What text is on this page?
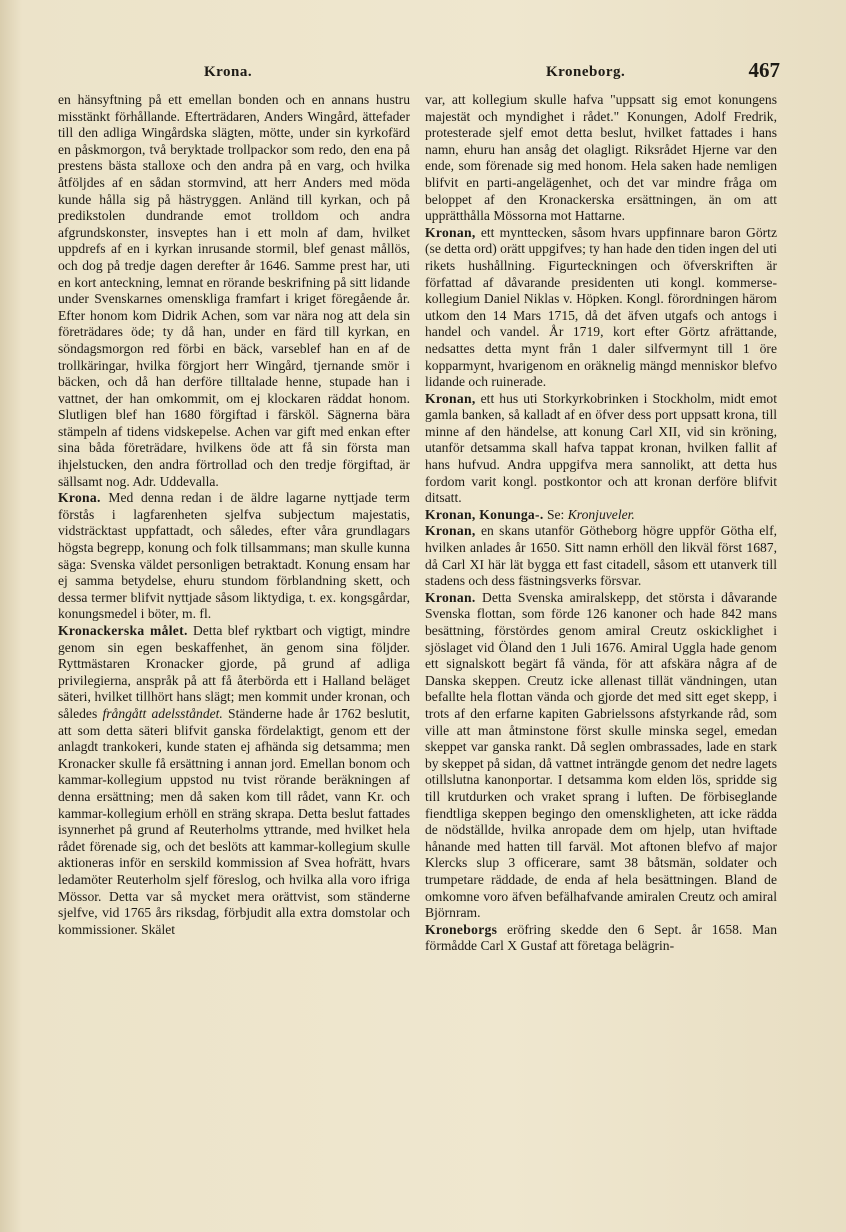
Krona.	Kroneborg.	467

en hänsyftning på ett emellan bonden och en annans hustru misstänkt förhållande. Efterträdaren, Anders Wingård, ättefader till den adliga Wingårdska slägten, mötte, under sin kyrkofärd en påskmorgon, två beryktade trollpackor som redo, den ena på prestens bästa stalloxe och den andra på en varg, och hvilka åtföljdes af en sådan stormvind, att herr Anders med möda kunde hålla sig på hästryggen. Anländ till kyrkan, och på predikstolen dundrande emot trolldom och andra afgrundskonster, insveptes han i ett moln af dam, hvilket uppdrefs af en i kyrkan inrusande stormil, blef genast mållös, och dog på tredje dagen derefter år 1646. Samme prest har, uti en kort anteckning, lemnat en rörande beskrifning på sitt lidande under Svenskarnes omenskliga framfart i kriget föregående år. Efter honom kom Didrik Achen, som var nära nog att dela sin företrädares öde; ty då han, under en färd till kyrkan, en söndagsmorgon red förbi en bäck, varseblef han en af de trollkäringar, hvilka förgjort herr Wingård, tjernande smör i bäcken, och då han derföre tilltalade henne, stupade han i vattnet, der han omkommit, om ej klockaren räddat honom. Slutligen blef han 1680 förgiftad i färsköl. Sägnerna bära stämpeln af tidens vidskepelse. Achen var gift med enkan efter sina båda företrädare, hvilkens öde att få sin första man ihjelstucken, den andra förtrollad och den tredje förgiftad, är sällsamt nog. Adr. Uddevalla.

Krona. Med denna redan i de äldre lagarne nyttjade term förstås i lagfarenheten sjelfva subjectum majestatis, vidsträcktast uppfattadt, och således, efter våra grundlagars högsta begrepp, konung och folk tillsammans; man skulle kunna säga: Svenska väldet personligen betraktadt. Konung ensam har ej samma betydelse, ehuru stundom förblandning skett, och dessa termer blifvit nyttjade såsom liktydiga, t. ex. kongsgårdar, konungsmedel i böter, m. fl.

Kronackerska målet. Detta blef ryktbart och vigtigt, mindre genom sin egen beskaffenhet, än genom sina följder. Ryttmästaren Kronacker gjorde, på grund af adliga privilegierna, anspråk på att få återbörda ett i Halland beläget säteri, hvilket tillhört hans slägt; men kommit under kronan, och således frångått adelsståndet. Ständerne hade år 1762 beslutit, att som detta säteri blifvit ganska fördelaktigt, genom ett der anlagdt trankokeri, kunde staten ej afhända sig detsamma; men Kronacker skulle få ersättning i annan jord. Emellan bonom och kammar-kollegium uppstod nu tvist rörande beräkningen af denna ersättning; men då saken kom till rådet, vann Kr. och kammar-kollegium erhöll en sträng skrapa. Detta beslut fattades isynnerhet på grund af Reuterholms yttrande, med hvilket hela rådet förenade sig, och det beslöts att kammar-kollegium skulle aktioneras inför en serskild kommission af Svea hofrätt, hvars ledamöter Reuterholm sjelf föreslog, och hvilka alla voro ifriga Mössor. Detta var så mycket mera orättvist, som ständerne sjelfve, vid 1765 års riksdag, förbjudit alla extra domstolar och kommissioner. Skälet

var, att kollegium skulle hafva "uppsatt sig emot konungens majestät och myndighet i rådet." Konungen, Adolf Fredrik, protesterade sjelf emot detta beslut, hvilket fattades i hans namn, ehuru han ansåg det olagligt. Riksrådet Hjerne var den ende, som förenade sig med honom. Hela saken hade nemligen blifvit en parti-angelägenhet, och det var mindre fråga om beloppet af den Kronackerska ersättningen, än om att upprätthålla Mössorna mot Hattarne.

Kronan, ett mynttecken, såsom hvars uppfinnare baron Görtz (se detta ord) orätt uppgifves; ty han hade den tiden ingen del uti rikets hushållning. Figurteckningen och öfverskriften är författad af dåvarande presidenten uti kongl. kommerse-kollegium Daniel Niklas v. Höpken. Kongl. förordningen härom utkom den 14 Mars 1715, då det äfven utgafs och antogs i handel och vandel. År 1719, kort efter Görtz afrättande, nedsattes detta mynt från 1 daler silfvermynt till 1 öre kopparmynt, hvarigenom en oräknelig mängd menniskor blefvo lidande och ruinerade.

Kronan, ett hus uti Storkyrkobrinken i Stockholm, midt emot gamla banken, så kalladt af en öfver dess port uppsatt krona, till minne af den händelse, att konung Carl XII, vid sin kröning, utanför detsamma skall hafva tappat kronan, hvilken fallit af hans hufvud. Andra uppgifva mera sannolikt, att detta hus fordom varit kongl. postkontor och att kronan derföre blifvit ditsatt.

Kronan, Konunga-. Se: Kronjuveler.

Kronan, en skans utanför Götheborg högre uppför Götha elf, hvilken anlades år 1650. Sitt namn erhöll den likväl först 1687, då Carl XI här lät bygga ett fast citadell, såsom ett utanverk till stadens och dess fästningsverks försvar.

Kronan. Detta Svenska amiralskepp, det största i dåvarande Svenska flottan, som förde 126 kanoner och hade 842 mans besättning, förstördes genom amiral Creutz oskicklighet i sjöslaget vid Öland den 1 Juli 1676. Amiral Uggla hade genom ett signalskott begärt få vända, för att afskära några af de Danska skeppen. Creutz icke allenast tillät vändningen, utan befallte hela flottan vända och gjorde det med sitt eget skepp, i trots af den erfarne kapiten Gabrielssons afstyrkande råd, som ville att man åtminstone först skulle minska segel, emedan skeppet var ganska rankt. Då seglen ombrassades, lade en stark by skeppet på sidan, då vattnet inträngde genom det nedre lagets otillslutna kanonportar. I detsamma kom elden lös, spridde sig till krutdurken och vraket sprang i luften. De förbiseglande fiendtliga skeppen begingo den omenskligheten, att icke rädda de nödställde, hvilka anropade dem om hjelp, utan hviftade hånande med hatten till farväl. Mot aftonen blefvo af major Klercks slup 3 officerare, samt 38 båtsmän, soldater och trumpetare räddade, de enda af hela besättningen. Bland de omkomne voro äfven befälhafvande amiralen Creutz och amiral Björnram.

Kroneborgs eröfring skedde den 6 Sept. år 1658. Man förmådde Carl X Gustaf att företaga belägrin-
